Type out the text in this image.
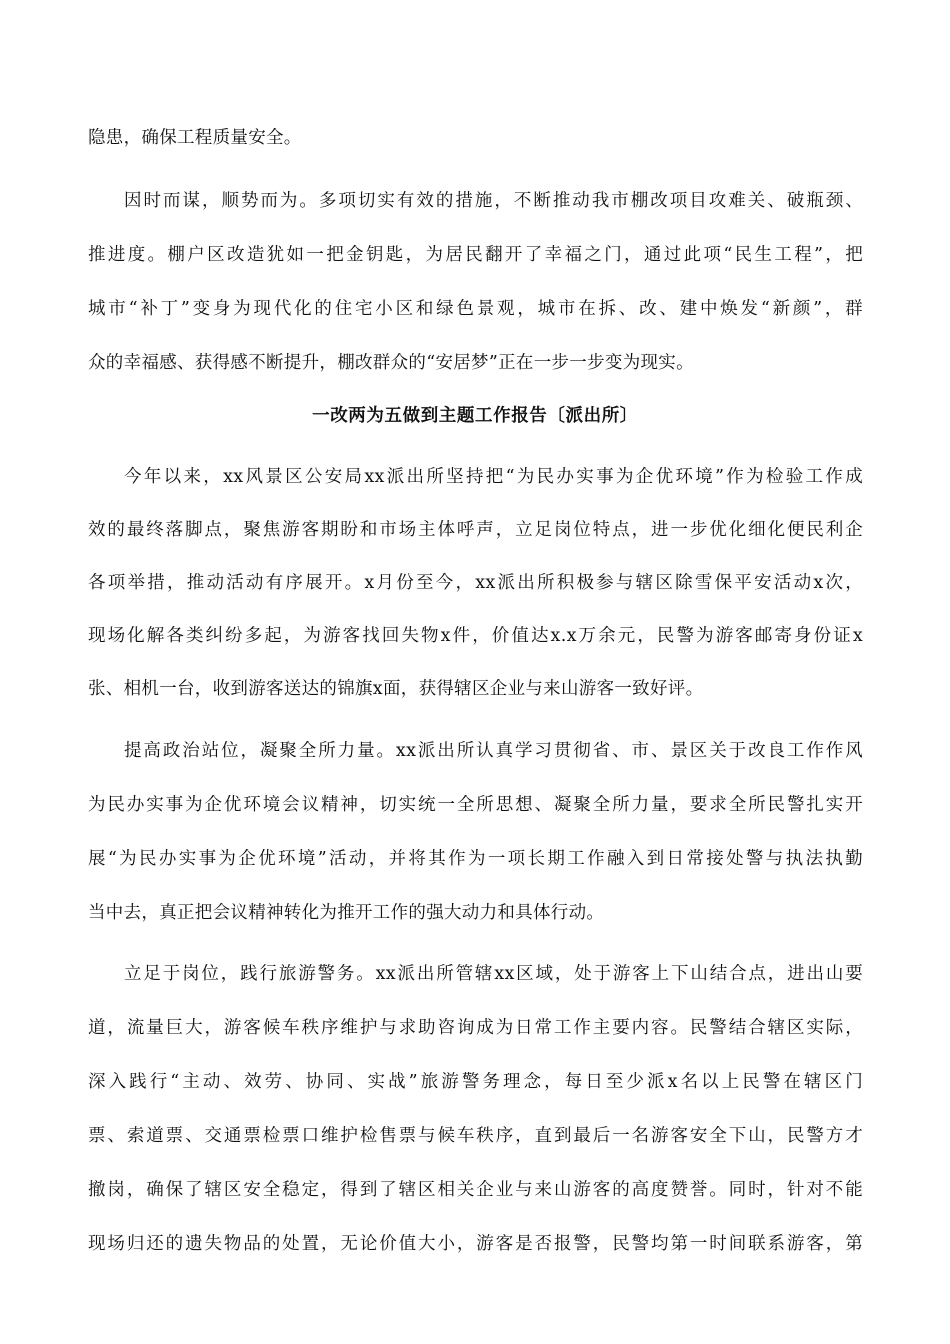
隐患，确保工程质量安全。
因时而谋，顺势而为。多项切实有效的措施，不断推动我市棚改项目攻难关、破瓶颈、
推进度。棚户区改造犹如一把金钥匙，为居民翻开了幸福之门，通过此项“民生工程”，把
城市“补丁”变身为现代化的住宅小区和绿色景观，城市在拆、改、建中焕发“新颜”，群
众的幸福感、获得感不断提升，棚改群众的“安居梦”正在一步一步变为现实。
一改两为五做到主题工作报告〔派出所〕
今年以来，xx风景区公安局xx派出所坚持把“为民办实事为企优环境”作为检验工作成
效的最终落脚点，聚焦游客期盼和市场主体呼声，立足岗位特点，进一步优化细化便民利企
各项举措，推动活动有序展开。x月份至今，xx派出所积极参与辖区除雪保平安活动x次，
现场化解各类纠纷多起，为游客找回失物x件，价值达x.x万余元，民警为游客邮寄身份证x
张、相机一台，收到游客送达的锦旗x面，获得辖区企业与来山游客一致好评。
提高政治站位，凝聚全所力量。xx派出所认真学习贯彻省、市、景区关于改良工作作风
为民办实事为企优环境会议精神，切实统一全所思想、凝聚全所力量，要求全所民警扎实开
展“为民办实事为企优环境”活动，并将其作为一项长期工作融入到日常接处警与执法执勤
当中去，真正把会议精神转化为推开工作的强大动力和具体行动。
立足于岗位，践行旅游警务。xx派出所管辖xx区域，处于游客上下山结合点，进出山要
道，流量巨大，游客候车秩序维护与求助咨询成为日常工作主要内容。民警结合辖区实际，
深入践行“主动、效劳、协同、实战”旅游警务理念，每日至少派x名以上民警在辖区门
票、索道票、交通票检票口维护检售票与候车秩序，直到最后一名游客安全下山，民警方才
撤岗，确保了辖区安全稳定，得到了辖区相关企业与来山游客的高度赞誉。同时，针对不能
现场归还的遗失物品的处置，无论价值大小，游客是否报警，民警均第一时间联系游客，第
